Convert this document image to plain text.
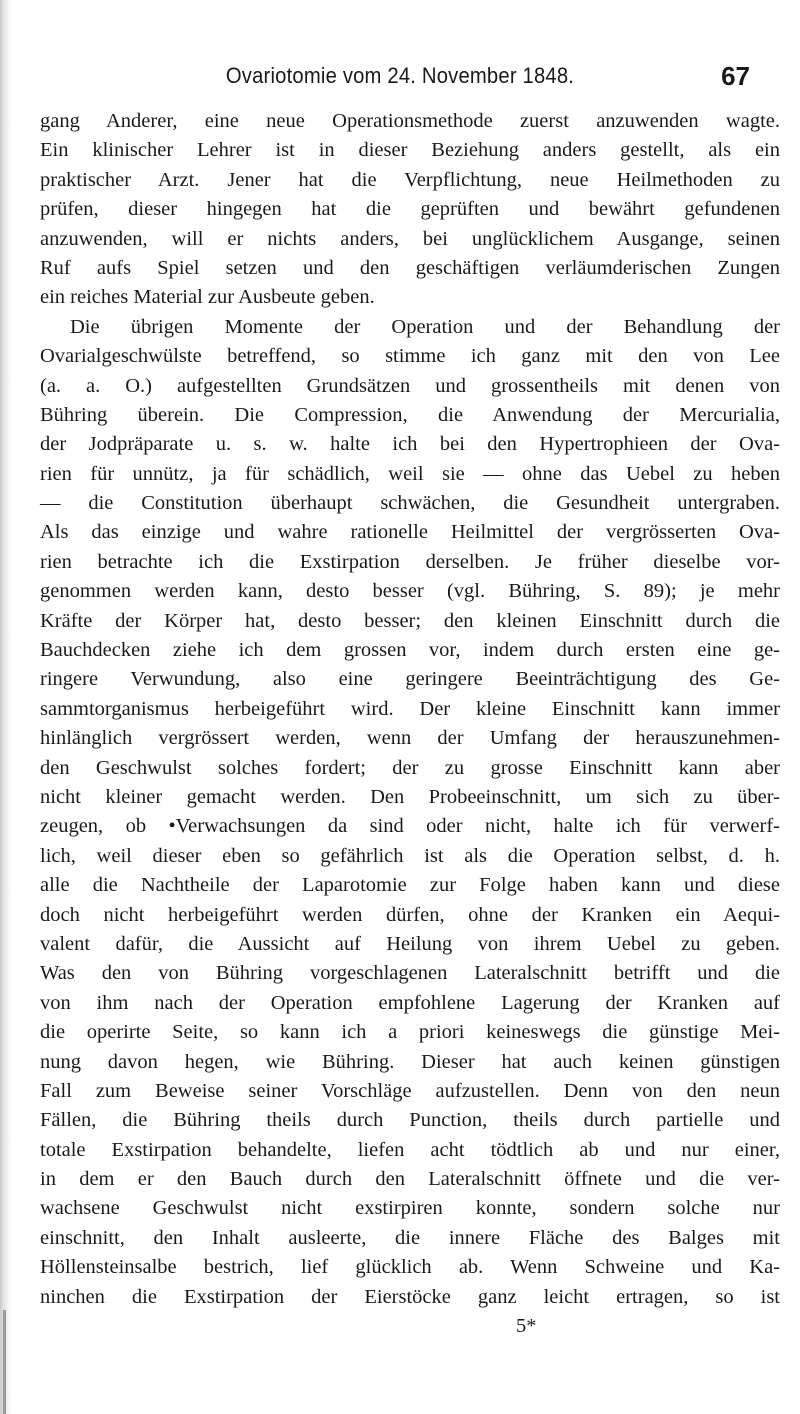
Ovariotomie vom 24. November 1848.	67
gang Anderer, eine neue Operationsmethode zuerst anzuwenden wagte.
Ein klinischer Lehrer ist in dieser Beziehung anders gestellt, als ein
praktischer Arzt. Jener hat die Verpflichtung, neue Heilmethoden zu
prüfen, dieser hingegen hat die geprüften und bewährt gefundenen
anzuwenden, will er nichts anders, bei unglücklichem Ausgange, seinen
Ruf aufs Spiel setzen und den geschäftigen verläumderischen Zungen
ein reiches Material zur Ausbeute geben.
Die übrigen Momente der Operation und der Behandlung der
Ovarialgeschwülste betreffend, so stimme ich ganz mit den von Lee
(a. a. O.) aufgestellten Grundsätzen und grossentheils mit denen von
Bühring überein. Die Compression, die Anwendung der Mercurialia,
der Jodpräparate u. s. w. halte ich bei den Hypertrophieen der Ova-
rien für unnütz, ja für schädlich, weil sie — ohne das Uebel zu heben
— die Constitution überhaupt schwächen, die Gesundheit untergraben.
Als das einzige und wahre rationelle Heilmittel der vergrösserten Ova-
rien betrachte ich die Exstirpation derselben. Je früher dieselbe vor-
genommen werden kann, desto besser (vgl. Bühring, S. 89); je mehr
Kräfte der Körper hat, desto besser; den kleinen Einschnitt durch die
Bauchdecken ziehe ich dem grossen vor, indem durch ersten eine ge-
ringere Verwundung, also eine geringere Beeinträchtigung des Ge-
sammtorganismus herbeigeführt wird. Der kleine Einschnitt kann immer
hinlänglich vergrössert werden, wenn der Umfang der herauszunehmen-
den Geschwulst solches fordert; der zu grosse Einschnitt kann aber
nicht kleiner gemacht werden. Den Probeeinschnitt, um sich zu über-
zeugen, ob •Verwachsungen da sind oder nicht, halte ich für verwerf-
lich, weil dieser eben so gefährlich ist als die Operation selbst, d. h.
alle die Nachtheile der Laparotomie zur Folge haben kann und diese
doch nicht herbeigeführt werden dürfen, ohne der Kranken ein Aequi-
valent dafür, die Aussicht auf Heilung von ihrem Uebel zu geben.
Was den von Bühring vorgeschlagenen Lateralschnitt betrifft und die
von ihm nach der Operation empfohlene Lagerung der Kranken auf
die operirte Seite, so kann ich a priori keineswegs die günstige Mei-
nung davon hegen, wie Bühring. Dieser hat auch keinen günstigen
Fall zum Beweise seiner Vorschläge aufzustellen. Denn von den neun
Fällen, die Bühring theils durch Punction, theils durch partielle und
totale Exstirpation behandelte, liefen acht tödtlich ab und nur einer,
in dem er den Bauch durch den Lateralschnitt öffnete und die ver-
wachsene Geschwulst nicht exstirpiren konnte, sondern solche nur
einschnitt, den Inhalt ausleerte, die innere Fläche des Balges mit
Höllensteinsalbe bestrich, lief glücklich ab. Wenn Schweine und Ka-
ninchen die Exstirpation der Eierstöcke ganz leicht ertragen, so ist
5*
